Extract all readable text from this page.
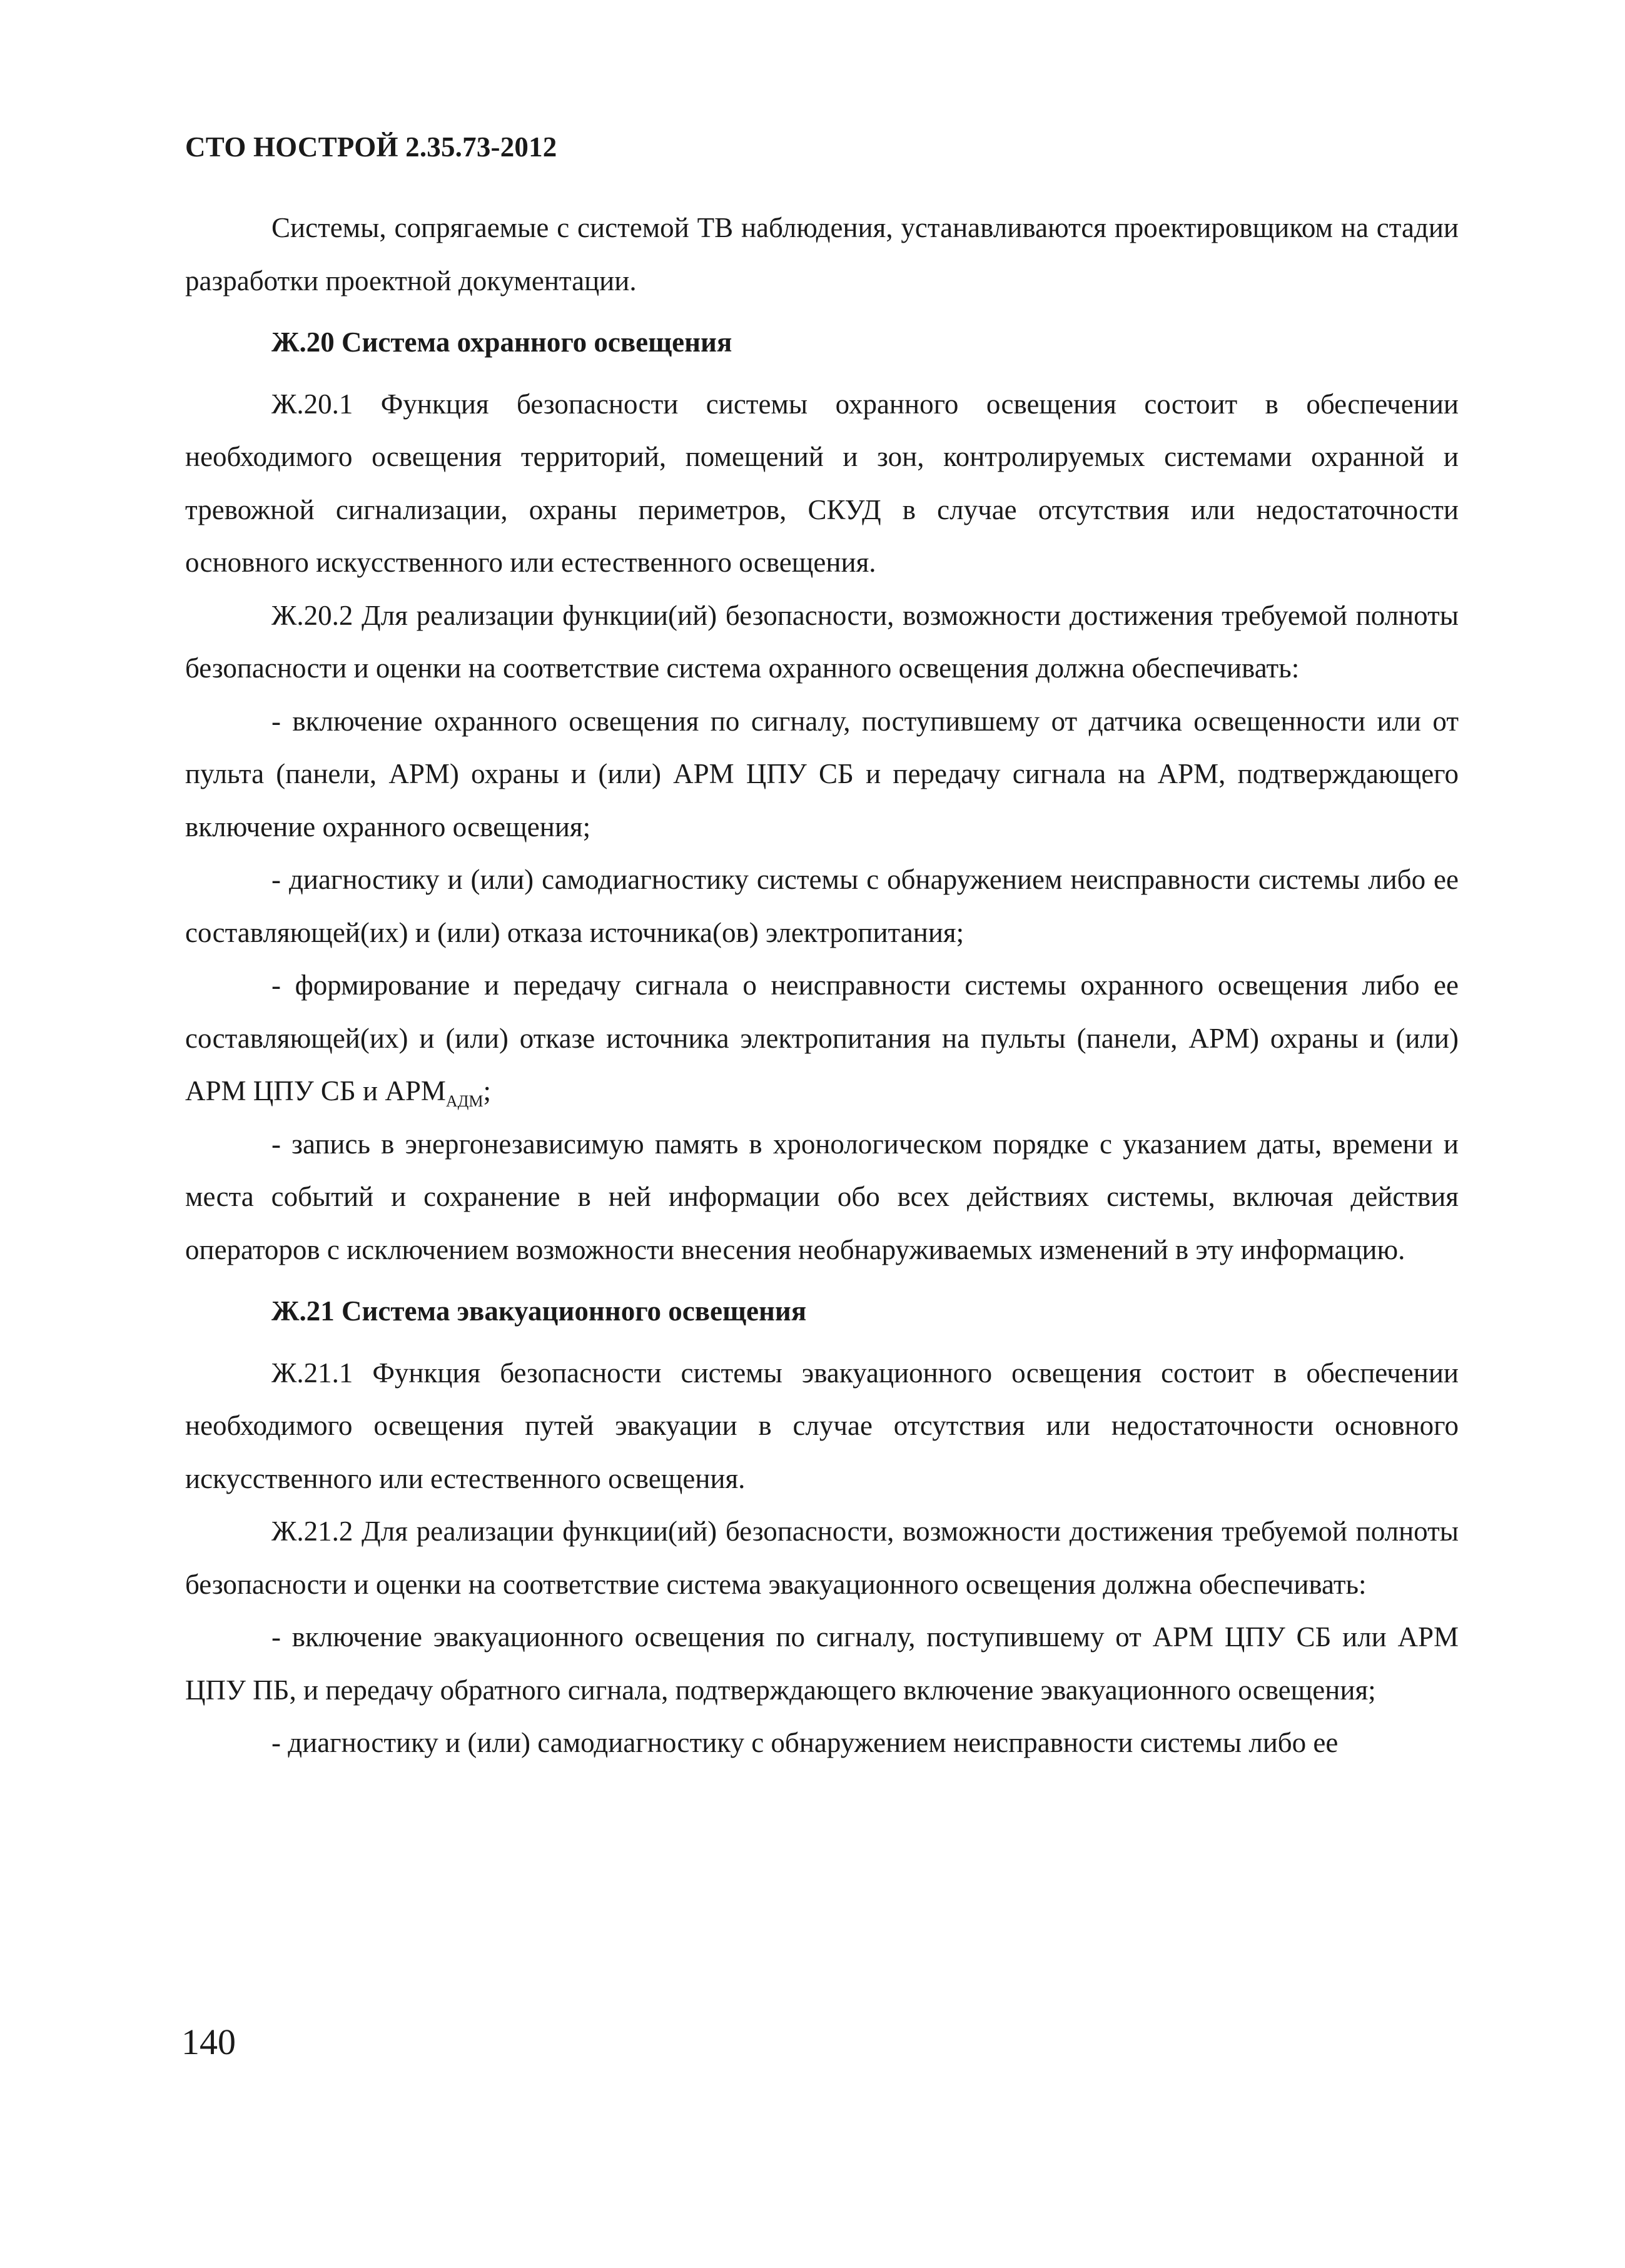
СТО НОСТРОЙ 2.35.73-2012

Системы, сопрягаемые с системой ТВ наблюдения, устанавливаются проектировщиком на стадии разработки проектной документации.

Ж.20 Система охранного освещения

Ж.20.1 Функция безопасности системы охранного освещения состоит в обеспечении необходимого освещения территорий, помещений и зон, контролируемых системами охранной и тревожной сигнализации, охраны периметров, СКУД в случае отсутствия или недостаточности основного искусственного или естественного освещения.

Ж.20.2 Для реализации функции(ий) безопасности, возможности достижения требуемой полноты безопасности и оценки на соответствие система охранного освещения должна обеспечивать:

- включение охранного освещения по сигналу, поступившему от датчика освещенности или от пульта (панели, АРМ) охраны и (или) АРМ ЦПУ СБ и передачу сигнала на АРМ, подтверждающего включение охранного освещения;

- диагностику и (или) самодиагностику системы с обнаружением неисправности системы либо ее составляющей(их) и (или) отказа источника(ов) электропитания;

- формирование и передачу сигнала о неисправности системы охранного освещения либо ее составляющей(их) и (или) отказе источника электропитания на пульты (панели, АРМ) охраны и (или) АРМ ЦПУ СБ и $АРМ_{АДМ}$;

- запись в энергонезависимую память в хронологическом порядке с указанием даты, времени и места событий и сохранение в ней информации обо всех действиях системы, включая действия операторов с исключением возможности внесения необнаруживаемых изменений в эту информацию.

Ж.21 Система эвакуационного освещения

Ж.21.1 Функция безопасности системы эвакуационного освещения состоит в обеспечении необходимого освещения путей эвакуации в случае отсутствия или недостаточности основного искусственного или естественного освещения.

Ж.21.2 Для реализации функции(ий) безопасности, возможности достижения требуемой полноты безопасности и оценки на соответствие система эвакуационного освещения должна обеспечивать:

- включение эвакуационного освещения по сигналу, поступившему от АРМ ЦПУ СБ или АРМ ЦПУ ПБ, и передачу обратного сигнала, подтверждающего включение эвакуационного освещения;

- диагностику и (или) самодиагностику с обнаружением неисправности системы либо ее

140
